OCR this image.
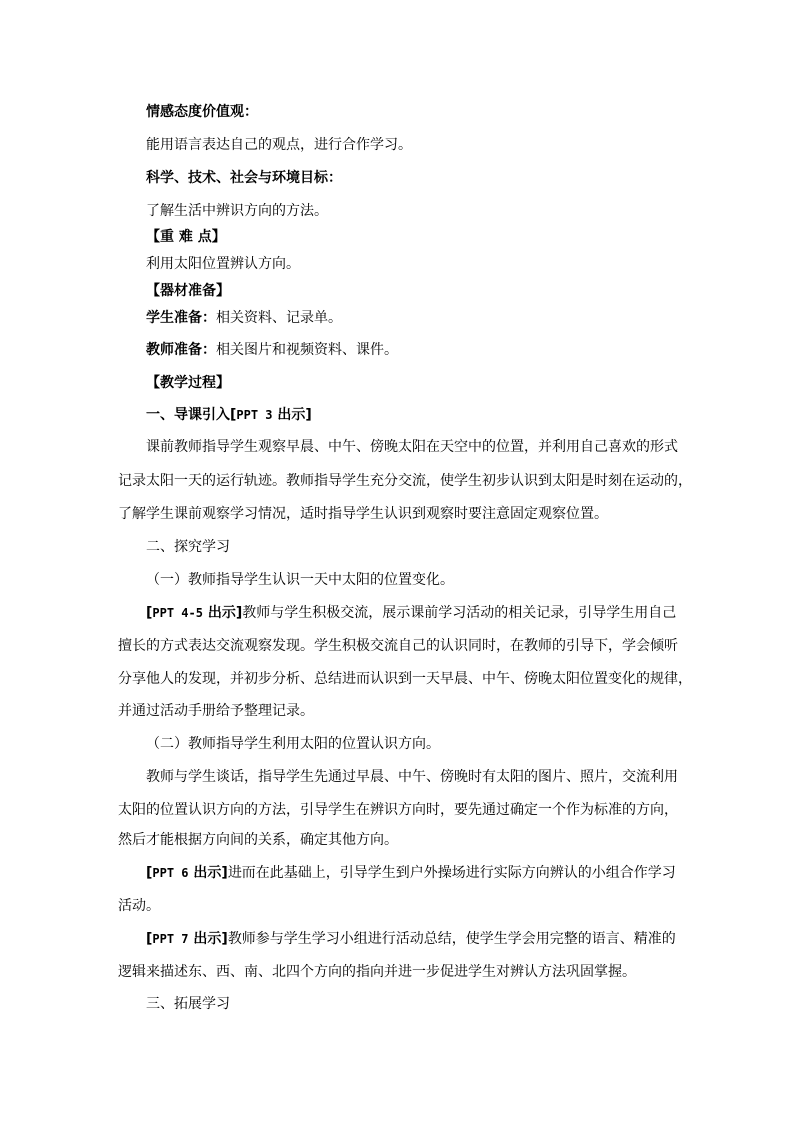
情感态度价值观：
能用语言表达自己的观点，进行合作学习。
科学、技术、社会与环境目标：
了解生活中辨识方向的方法。
【重 难 点】
利用太阳位置辨认方向。
【器材准备】
学生准备：相关资料、记录单。
教师准备：相关图片和视频资料、课件。
【教学过程】
一、导课引入[PPT 3 出示]
课前教师指导学生观察早晨、中午、傍晚太阳在天空中的位置，并利用自己喜欢的形式
记录太阳一天的运行轨迹。教师指导学生充分交流，使学生初步认识到太阳是时刻在运动的，
了解学生课前观察学习情况，适时指导学生认识到观察时要注意固定观察位置。
二、探究学习
（一）教师指导学生认识一天中太阳的位置变化。
[PPT 4-5 出示]教师与学生积极交流，展示课前学习活动的相关记录，引导学生用自己
擅长的方式表达交流观察发现。学生积极交流自己的认识同时，在教师的引导下，学会倾听
分享他人的发现，并初步分析、总结进而认识到一天早晨、中午、傍晚太阳位置变化的规律，
并通过活动手册给予整理记录。
（二）教师指导学生利用太阳的位置认识方向。
教师与学生谈话，指导学生先通过早晨、中午、傍晚时有太阳的图片、照片，交流利用
太阳的位置认识方向的方法，引导学生在辨识方向时，要先通过确定一个作为标准的方向，
然后才能根据方向间的关系，确定其他方向。
[PPT 6 出示]进而在此基础上，引导学生到户外操场进行实际方向辨认的小组合作学习
活动。
[PPT 7 出示]教师参与学生学习小组进行活动总结，使学生学会用完整的语言、精准的
逻辑来描述东、西、南、北四个方向的指向并进一步促进学生对辨认方法巩固掌握。
三、拓展学习
